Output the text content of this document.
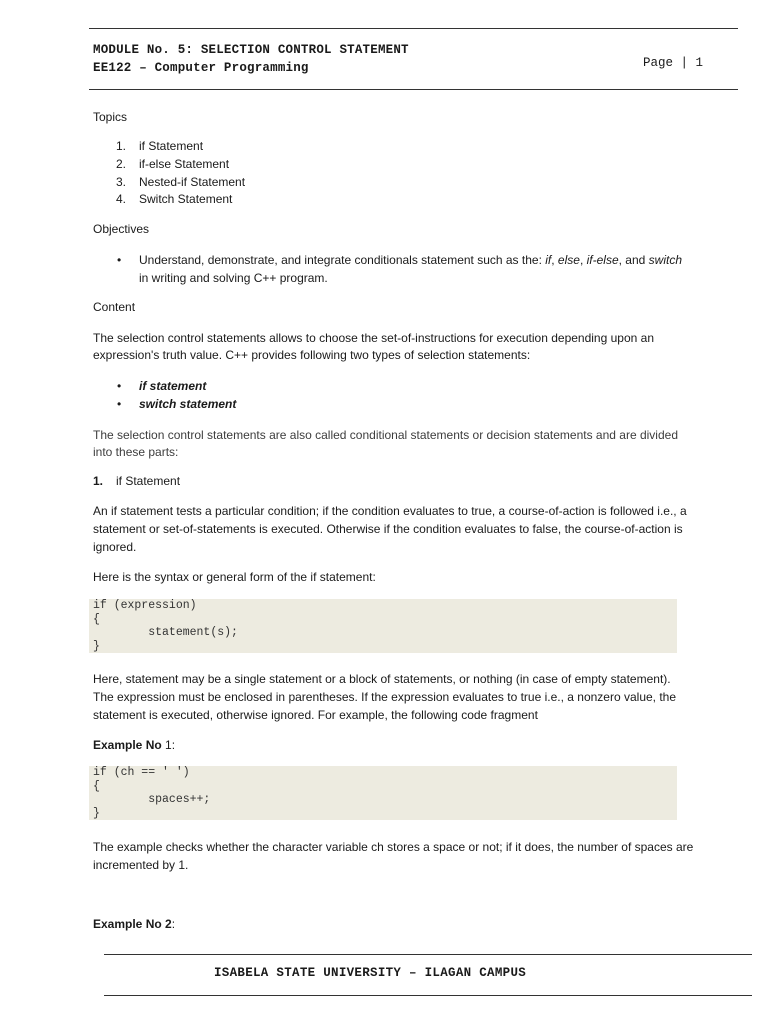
MODULE No. 5: SELECTION CONTROL STATEMENT
EE122 – Computer Programming	Page | 1
Topics
1. if Statement
2. if-else Statement
3. Nested-if Statement
4. Switch Statement
Objectives
• Understand, demonstrate, and integrate conditionals statement such as the: if, else, if-else, and switch
in writing and solving C++ program.
Content
The selection control statements allows to choose the set-of-instructions for execution depending upon an
expression's truth value. C++ provides following two types of selection statements:
• if statement
• switch statement
The selection control statements are also called conditional statements or decision statements and are divided
into these parts:
1. if Statement
An if statement tests a particular condition; if the condition evaluates to true, a course-of-action is followed i.e., a
statement or set-of-statements is executed. Otherwise if the condition evaluates to false, the course-of-action is
ignored.
Here is the syntax or general form of the if statement:
if (expression)
{
statement(s);
}
Here, statement may be a single statement or a block of statements, or nothing (in case of empty statement).
The expression must be enclosed in parentheses. If the expression evaluates to true i.e., a nonzero value, the
statement is executed, otherwise ignored. For example, the following code fragment
Example No 1:
if (ch == ' ')
{
spaces++;
}
The example checks whether the character variable ch stores a space or not; if it does, the number of spaces are
incremented by 1.
Example No 2:
ISABELA STATE UNIVERSITY – ILAGAN CAMPUS
